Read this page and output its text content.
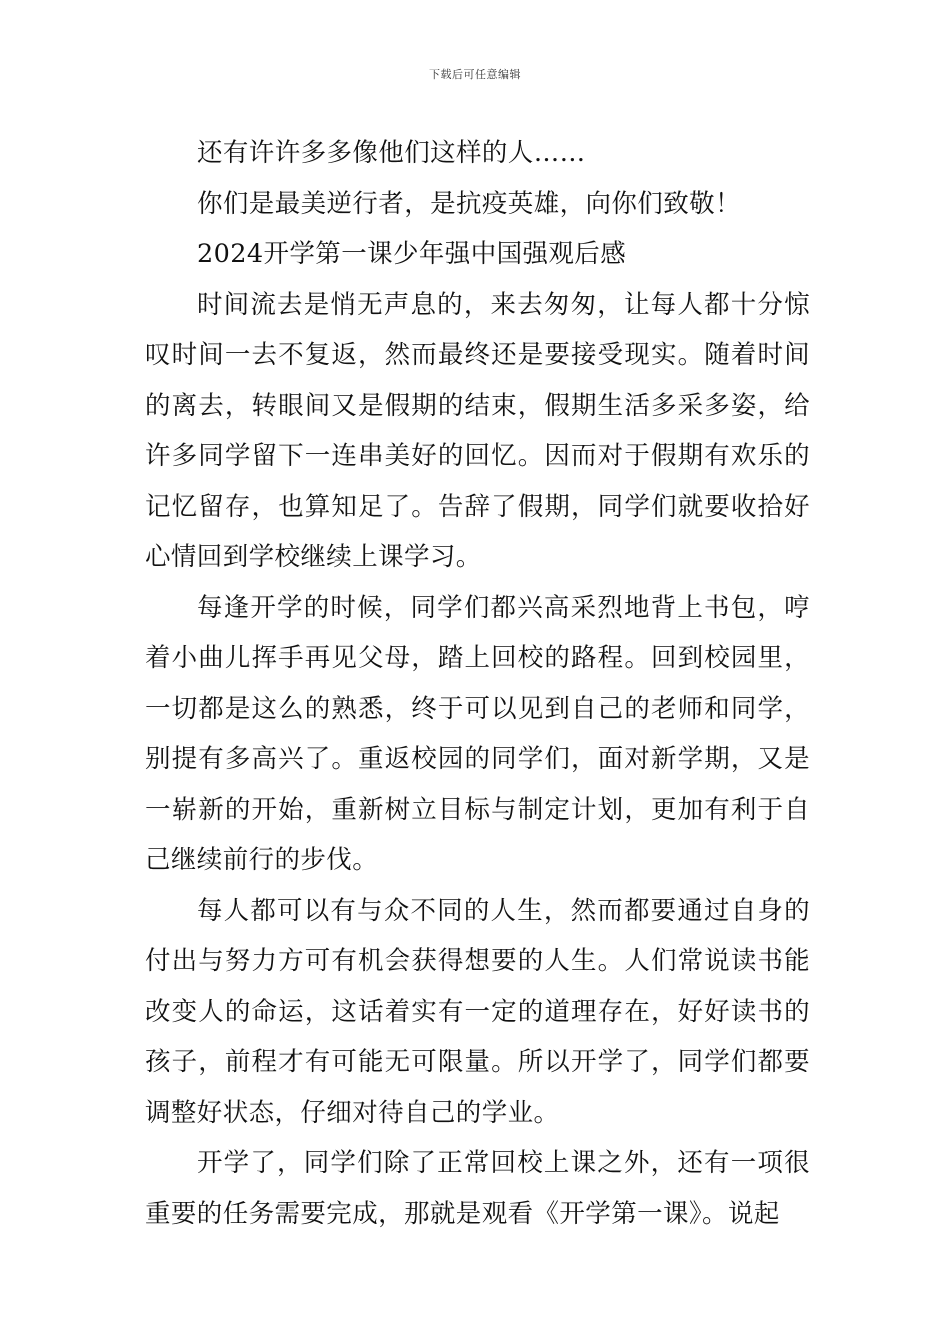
下载后可任意编辑

还有许许多多像他们这样的人……

你们是最美逆行者，是抗疫英雄，向你们致敬！

2024开学第一课少年强中国强观后感

时间流去是悄无声息的，来去匆匆，让每人都十分惊叹时间一去不复返，然而最终还是要接受现实。随着时间的离去，转眼间又是假期的结束，假期生活多采多姿，给许多同学留下一连串美好的回忆。因而对于假期有欢乐的记忆留存，也算知足了。告辞了假期，同学们就要收拾好心情回到学校继续上课学习。

每逢开学的时候，同学们都兴高采烈地背上书包，哼着小曲儿挥手再见父母，踏上回校的路程。回到校园里，一切都是这么的熟悉，终于可以见到自己的老师和同学，别提有多高兴了。重返校园的同学们，面对新学期，又是一崭新的开始，重新树立目标与制定计划，更加有利于自己继续前行的步伐。

每人都可以有与众不同的人生，然而都要通过自身的付出与努力方可有机会获得想要的人生。人们常说读书能改变人的命运，这话着实有一定的道理存在，好好读书的孩子，前程才有可能无可限量。所以开学了，同学们都要调整好状态，仔细对待自己的学业。

开学了，同学们除了正常回校上课之外，还有一项很重要的任务需要完成，那就是观看《开学第一课》。说起
